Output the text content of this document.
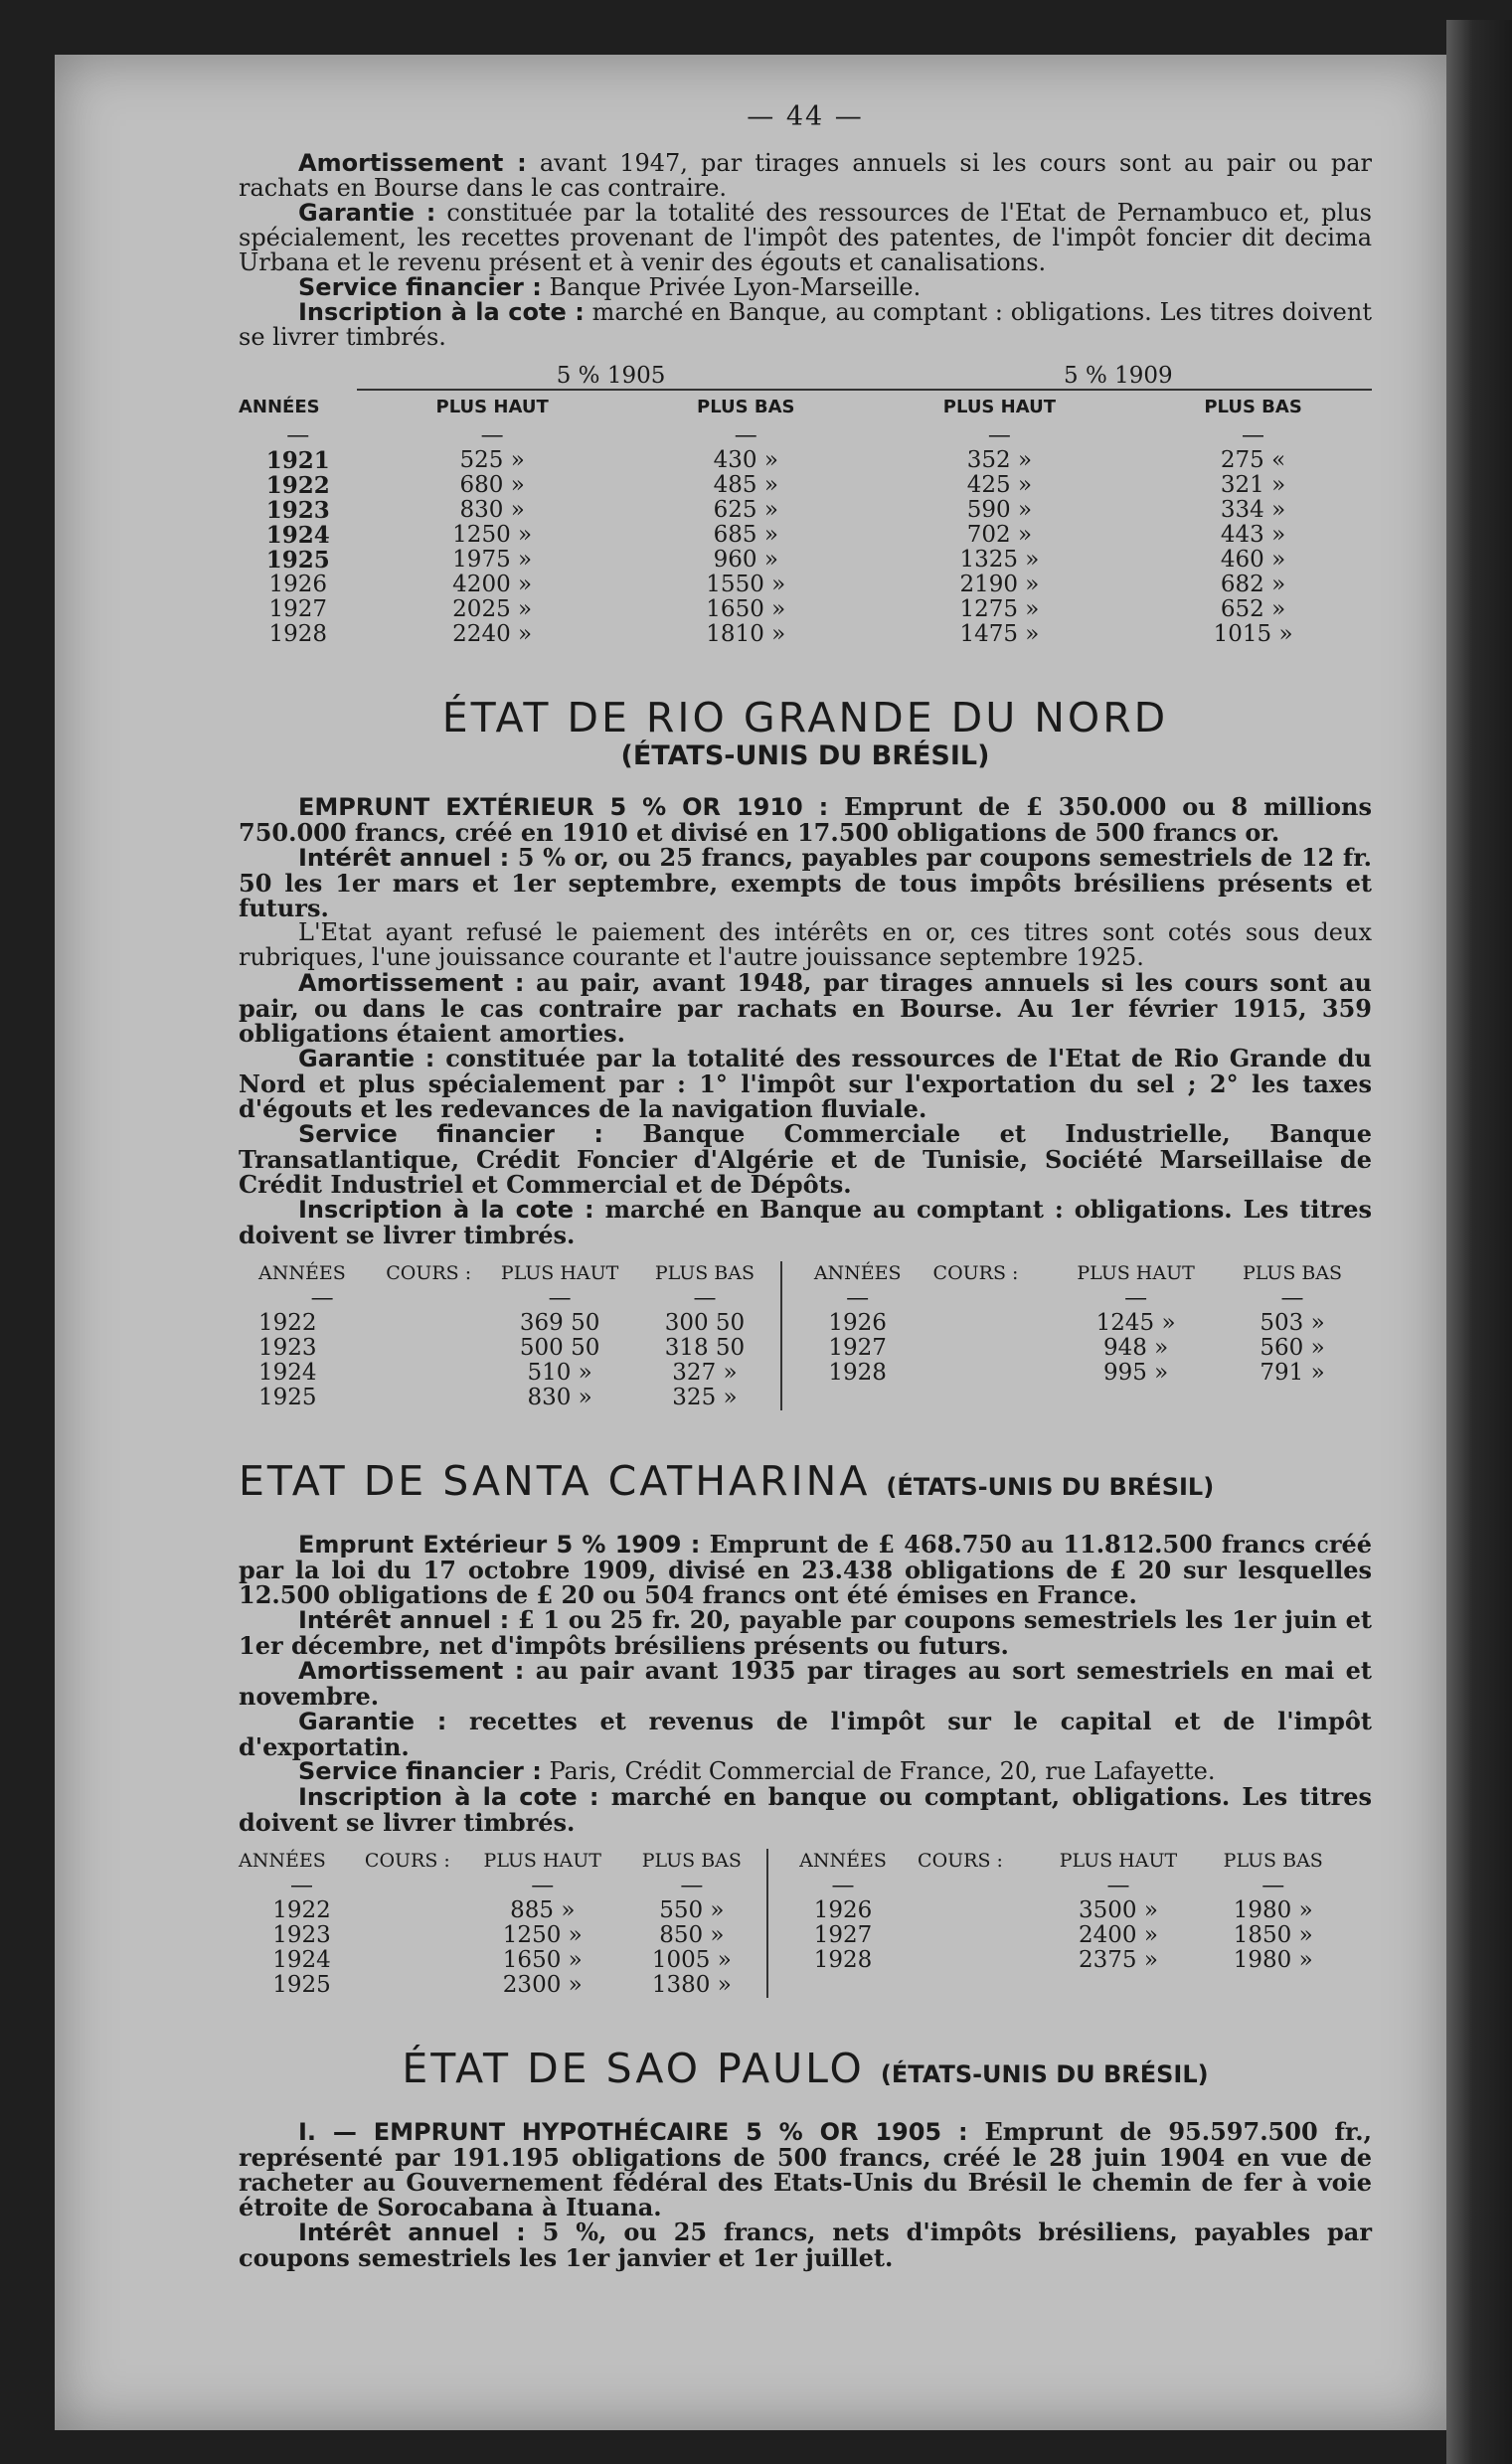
— 44 —

Amortissement : avant 1947, par tirages annuels si les cours sont au pair ou par rachats en Bourse dans le cas contraire.

Garantie : constituée par la totalité des ressources de l'Etat de Pernambuco et, plus spécialement, les recettes provenant de l'impôt des patentes, de l'impôt foncier dit decima Urbana et le revenu présent et à venir des égouts et canalisations.

Service financier : Banque Privée Lyon-Marseille.

Inscription à la cote : marché en Banque, au comptant : obligations. Les titres doivent se livrer timbrés.

	5 % 1905		5 % 1909	
ANNÉES	PLUS HAUT	PLUS BAS	PLUS HAUT	PLUS BAS
—	—	—	—	—
1921	525 »	430 »	352 »	275 «
1922	680 »	485 »	425 »	321 »
1923	830 »	625 »	590 »	334 »
1924	1250 »	685 »	702 »	443 »
1925	1975 »	960 »	1325 »	460 »
1926	4200 »	1550 »	2190 »	682 »
1927	2025 »	1650 »	1275 »	652 »
1928	2240 »	1810 »	1475 »	1015 »
ÉTAT DE RIO GRANDE DU NORD
(ÉTATS-UNIS DU BRÉSIL)

EMPRUNT EXTÉRIEUR 5 % OR 1910 : Emprunt de £ 350.000 ou 8 millions 750.000 francs, créé en 1910 et divisé en 17.500 obligations de 500 francs or.

Intérêt annuel : 5 % or, ou 25 francs, payables par coupons semestriels de 12 fr. 50 les 1er mars et 1er septembre, exempts de tous impôts brésiliens présents et futurs.

L'Etat ayant refusé le paiement des intérêts en or, ces titres sont cotés sous deux rubriques, l'une jouissance courante et l'autre jouissance septembre 1925.

Amortissement : au pair, avant 1948, par tirages annuels si les cours sont au pair, ou dans le cas contraire par rachats en Bourse. Au 1er février 1915, 359 obligations étaient amorties.

Garantie : constituée par la totalité des ressources de l'Etat de Rio Grande du Nord et plus spécialement par : 1° l'impôt sur l'exportation du sel ; 2° les taxes d'égouts et les redevances de la navigation fluviale.

Service financier : Banque Commerciale et Industrielle, Banque Transatlantique, Crédit Foncier d'Algérie et de Tunisie, Société Marseillaise de Crédit Industriel et Commercial et de Dépôts.

Inscription à la cote : marché en Banque au comptant : obligations. Les titres doivent se livrer timbrés.

ANNÉES	COURS :	PLUS HAUT	PLUS BAS	ANNÉES	COURS :	PLUS HAUT	PLUS BAS
—		—	—	—		—	—
1922		369 50	300 50	1926		1245 »	503 »
1923		500 50	318 50	1927		948 »	560 »
1924		510 »	327 »	1928		995 »	791 »
1925		830 »	325 »				
ETAT DE SANTA CATHARINA (ÉTATS-UNIS DU BRÉSIL)

Emprunt Extérieur 5 % 1909 : Emprunt de £ 468.750 au 11.812.500 francs créé par la loi du 17 octobre 1909, divisé en 23.438 obligations de £ 20 sur lesquelles 12.500 obligations de £ 20 ou 504 francs ont été émises en France.

Intérêt annuel : £ 1 ou 25 fr. 20, payable par coupons semestriels les 1er juin et 1er décembre, net d'impôts brésiliens présents ou futurs.

Amortissement : au pair avant 1935 par tirages au sort semestriels en mai et novembre.

Garantie : recettes et revenus de l'impôt sur le capital et de l'impôt d'exportatin.

Service financier : Paris, Crédit Commercial de France, 20, rue Lafayette.

Inscription à la cote : marché en banque ou comptant, obligations. Les titres doivent se livrer timbrés.

ANNÉES	COURS :	PLUS HAUT	PLUS BAS	ANNÉES	COURS :	PLUS HAUT	PLUS BAS
—		—	—	—		—	—
1922		885 »	550 »	1926		3500 »	1980 »
1923		1250 »	850 »	1927		2400 »	1850 »
1924		1650 »	1005 »	1928		2375 »	1980 »
1925		2300 »	1380 »				
ÉTAT DE SAO PAULO (ÉTATS-UNIS DU BRÉSIL)

I. — EMPRUNT HYPOTHÉCAIRE 5 % OR 1905 : Emprunt de 95.597.500 fr., représenté par 191.195 obligations de 500 francs, créé le 28 juin 1904 en vue de racheter au Gouvernement fédéral des Etats-Unis du Brésil le chemin de fer à voie étroite de Sorocabana à Ituana.

Intérêt annuel : 5 %, ou 25 francs, nets d'impôts brésiliens, payables par coupons semestriels les 1er janvier et 1er juillet.
